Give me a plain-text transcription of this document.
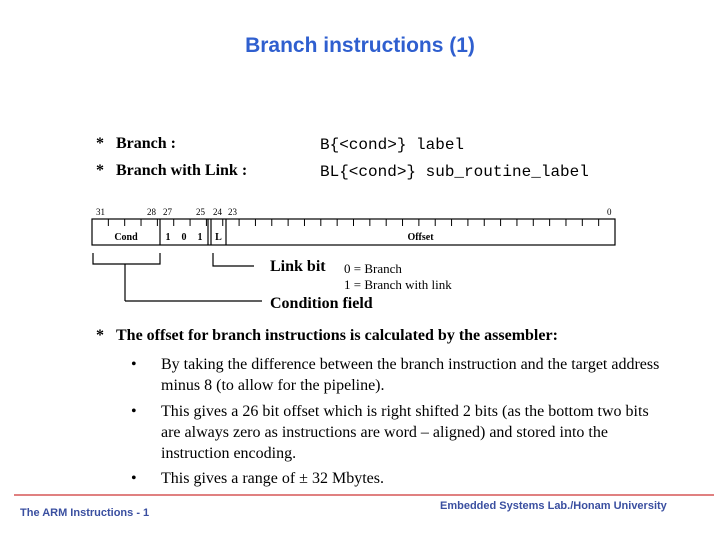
Branch instructions (1)
* Branch :	B{<cond>} label
* Branch with Link :	BL{<cond>} sub_routine_label
31	28 27	25 24 23	0
Cond	1	0	1	L	Offset
Link bit 0 = Branch
1 = Branch with link
Condition field
* The offset for branch instructions is calculated by the assembler:
• By taking the difference between the branch instruction and the target address minus 8 (to allow for the pipeline).
• This gives a 26 bit offset which is right shifted 2 bits (as the bottom two bits are always zero as instructions are word – aligned) and stored into the instruction encoding.
• This gives a range of ± 32 Mbytes.
Embedded Systems Lab./Honam University
The ARM Instructions - 1
